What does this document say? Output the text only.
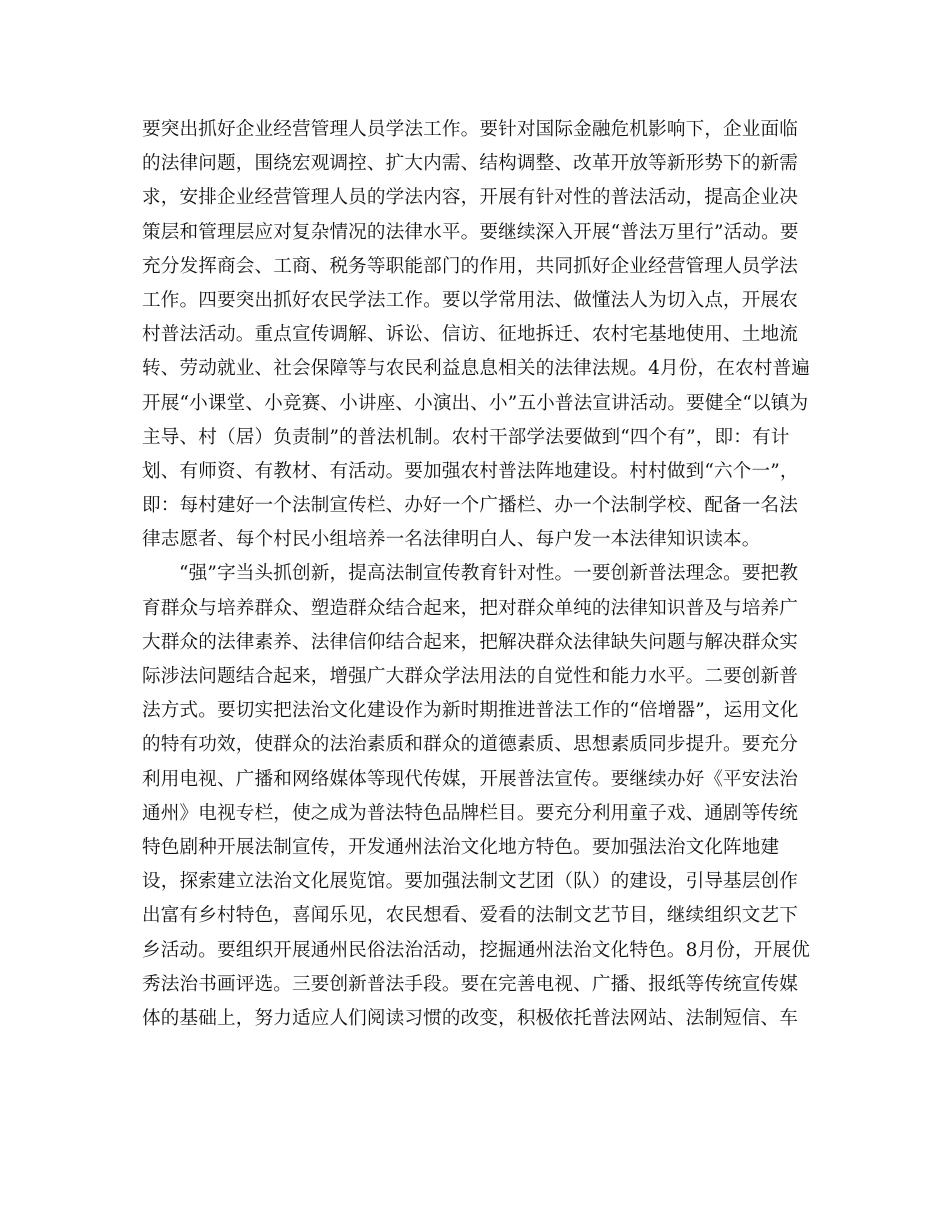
要突出抓好企业经营管理人员学法工作。要针对国际金融危机影响下，企业面临
的法律问题，围绕宏观调控、扩大内需、结构调整、改革开放等新形势下的新需
求，安排企业经营管理人员的学法内容，开展有针对性的普法活动，提高企业决
策层和管理层应对复杂情况的法律水平。要继续深入开展“普法万里行”活动。要
充分发挥商会、工商、税务等职能部门的作用，共同抓好企业经营管理人员学法
工作。四要突出抓好农民学法工作。要以学常用法、做懂法人为切入点，开展农
村普法活动。重点宣传调解、诉讼、信访、征地拆迁、农村宅基地使用、土地流
转、劳动就业、社会保障等与农民利益息息相关的法律法规。4月份，在农村普遍
开展“小课堂、小竞赛、小讲座、小演出、小”五小普法宣讲活动。要健全“以镇为
主导、村（居）负责制”的普法机制。农村干部学法要做到“四个有”，即：有计
划、有师资、有教材、有活动。要加强农村普法阵地建设。村村做到“六个一”，
即：每村建好一个法制宣传栏、办好一个广播栏、办一个法制学校、配备一名法
律志愿者、每个村民小组培养一名法律明白人、每户发一本法律知识读本。
“强”字当头抓创新，提高法制宣传教育针对性。一要创新普法理念。要把教
育群众与培养群众、塑造群众结合起来，把对群众单纯的法律知识普及与培养广
大群众的法律素养、法律信仰结合起来，把解决群众法律缺失问题与解决群众实
际涉法问题结合起来，增强广大群众学法用法的自觉性和能力水平。二要创新普
法方式。要切实把法治文化建设作为新时期推进普法工作的“倍增器”，运用文化
的特有功效，使群众的法治素质和群众的道德素质、思想素质同步提升。要充分
利用电视、广播和网络媒体等现代传媒，开展普法宣传。要继续办好《平安法治
通州》电视专栏，使之成为普法特色品牌栏目。要充分利用童子戏、通剧等传统
特色剧种开展法制宣传，开发通州法治文化地方特色。要加强法治文化阵地建
设，探索建立法治文化展览馆。要加强法制文艺团（队）的建设，引导基层创作
出富有乡村特色，喜闻乐见，农民想看、爱看的法制文艺节目，继续组织文艺下
乡活动。要组织开展通州民俗法治活动，挖掘通州法治文化特色。8月份，开展优
秀法治书画评选。三要创新普法手段。要在完善电视、广播、报纸等传统宣传媒
体的基础上，努力适应人们阅读习惯的改变，积极依托普法网站、法制短信、车
